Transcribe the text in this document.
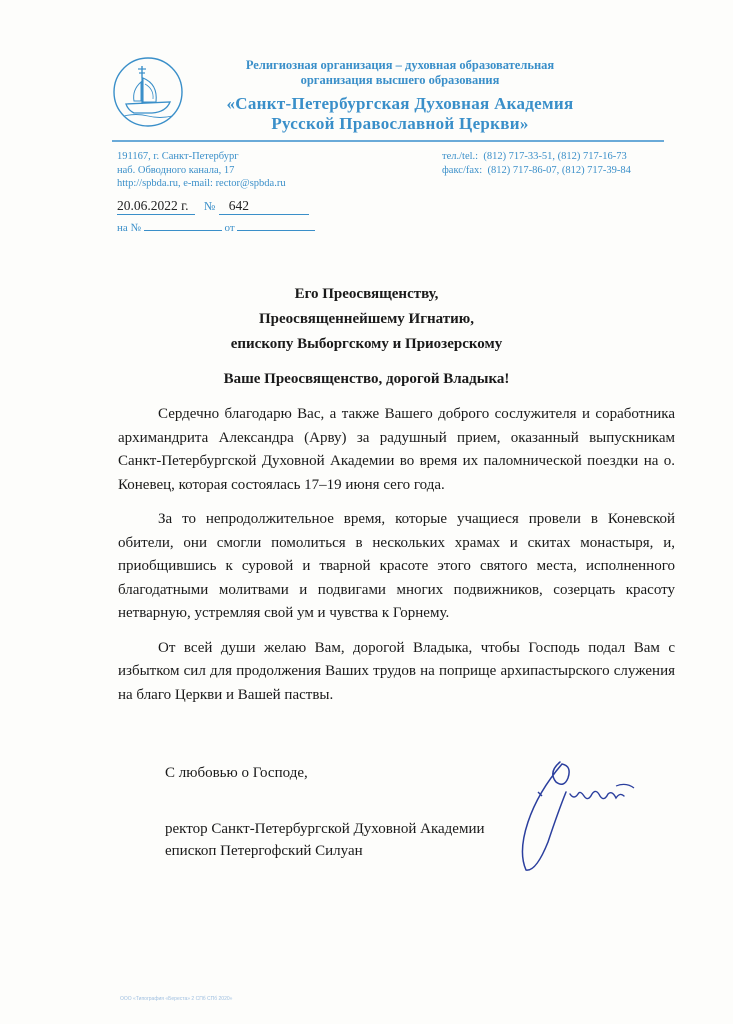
Религиозная организация – духовная образовательная
организация высшего образования
«Санкт-Петербургская Духовная Академия
Русской Православной Церкви»
191167, г. Санкт-Петербург
наб. Обводного канала, 17
http://spbda.ru, e-mail: rector@spbda.ru
тел./tel.:  (812) 717-33-51, (812) 717-16-73
факс/fax:  (812) 717-86-07, (812) 717-39-84
20.06.2022 г. № 642
на №	от
Его Преосвященству,
Преосвященнейшему Игнатию,
епископу Выборгскому и Приозерскому
Ваше Преосвященство, дорогой Владыка!

Сердечно благодарю Вас, а также Вашего доброго сослужителя и соработника архимандрита Александра (Арву) за радушный прием, оказанный выпускникам Санкт-Петербургской Духовной Академии во время их паломнической поездки на о. Коневец, которая состоялась 17–19 июня сего года.

За то непродолжительное время, которые учащиеся провели в Коневской обители, они смогли помолиться в нескольких храмах и скитах монастыря, и, приобщившись к суровой и тварной красоте этого святого места, исполненного благодатными молитвами и подвигами многих подвижников, созерцать красоту нетварную, устремляя свой ум и чувства к Горнему.

От всей души желаю Вам, дорогой Владыка, чтобы Господь подал Вам с избытком сил для продолжения Ваших трудов на поприще архипастырского служения на благо Церкви и Вашей паствы.

С любовью о Господе,
ректор Санкт-Петербургской Духовной Академии
епископ Петергофский Силуан
ООО «Типография «Береста» 2 СПб СПб 2020»
